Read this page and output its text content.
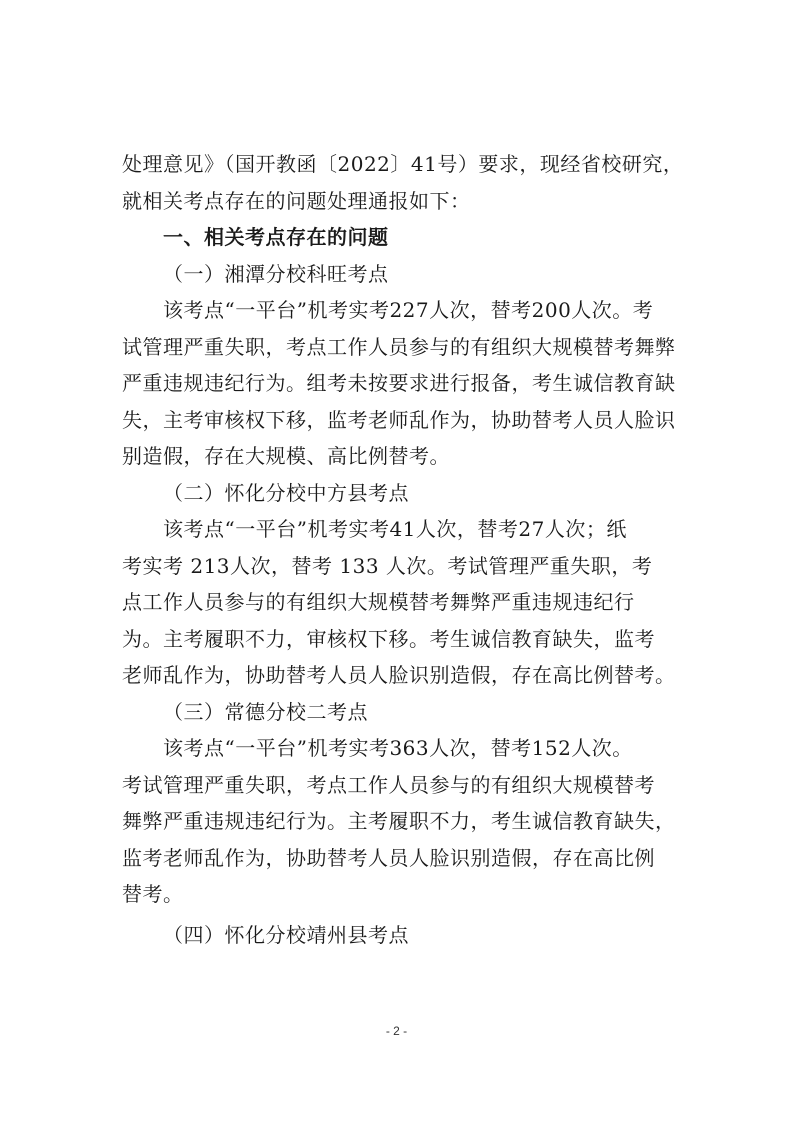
处理意见》（国开教函〔2022〕41号）要求，现经省校研究，
就相关考点存在的问题处理通报如下：
一、相关考点存在的问题
（一）湘潭分校科旺考点
该考点“一平台”机考实考227人次，替考200人次。考
试管理严重失职，考点工作人员参与的有组织大规模替考舞弊
严重违规违纪行为。组考未按要求进行报备，考生诚信教育缺
失，主考审核权下移，监考老师乱作为，协助替考人员人脸识
别造假，存在大规模、高比例替考。
（二）怀化分校中方县考点
该考点“一平台”机考实考41人次，替考27人次；纸
考实考 213人次，替考 133 人次。考试管理严重失职，考
点工作人员参与的有组织大规模替考舞弊严重违规违纪行
为。主考履职不力，审核权下移。考生诚信教育缺失，监考
老师乱作为，协助替考人员人脸识别造假，存在高比例替考。
（三）常德分校二考点
该考点“一平台”机考实考363人次，替考152人次。
考试管理严重失职，考点工作人员参与的有组织大规模替考
舞弊严重违规违纪行为。主考履职不力，考生诚信教育缺失，
监考老师乱作为，协助替考人员人脸识别造假，存在高比例
替考。
（四）怀化分校靖州县考点
- 2 -
